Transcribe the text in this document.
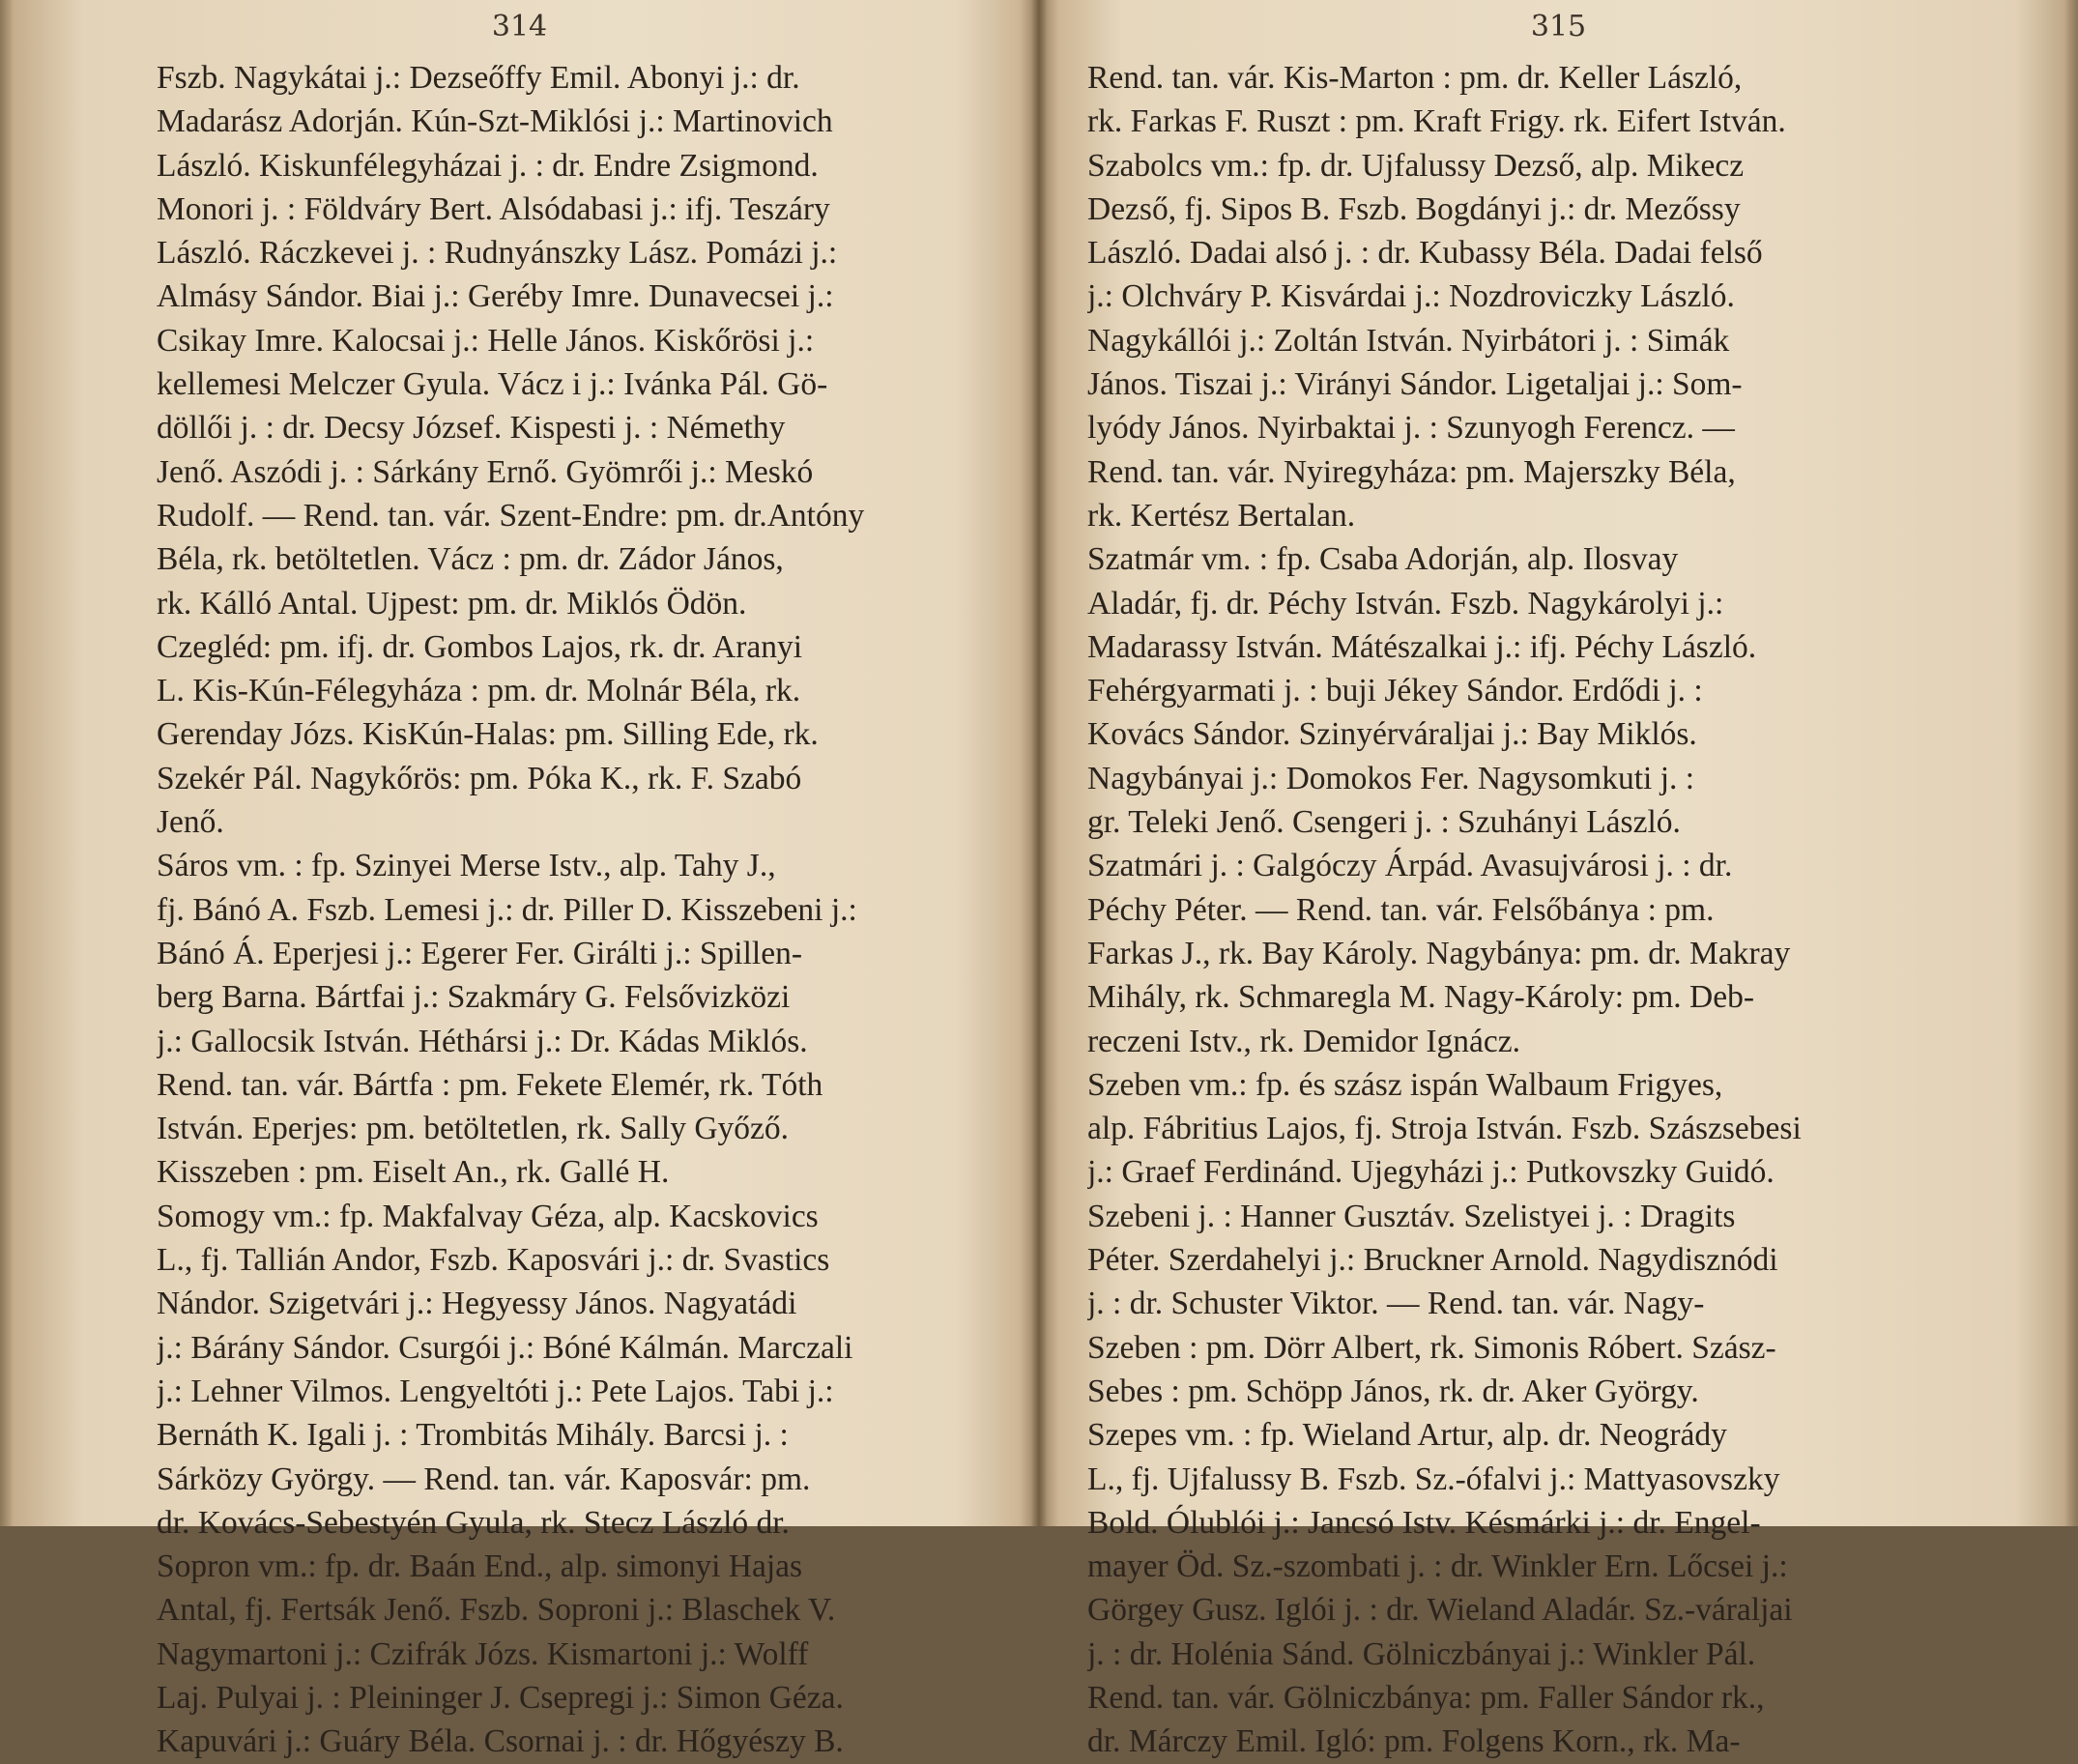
314
Fszb. Nagykátai j.: Dezseőffy Emil. Abonyi j.: dr.
Madarász Adorján. Kún-Szt-Miklósi j.: Martinovich
László. Kiskunfélegyházai j. : dr. Endre Zsigmond.
Monori j. : Földváry Bert. Alsódabasi j.: ifj. Teszáry
László. Ráczkevei j. : Rudnyánszky Lász. Pomázi j.:
Almásy Sándor. Biai j.: Geréby Imre. Dunavecsei j.:
Csikay Imre. Kalocsai j.: Helle János. Kiskőrösi j.:
kellemesi Melczer Gyula. Vácz i j.: Ivánka Pál. Gö-
döllői j. : dr. Decsy József. Kispesti j. : Némethy
Jenő. Aszódi j. : Sárkány Ernő. Gyömrői j.: Meskó
Rudolf. — Rend. tan. vár. Szent-Endre: pm. dr.Antóny
Béla, rk. betöltetlen. Vácz : pm. dr. Zádor János,
rk. Kálló Antal. Ujpest: pm. dr. Miklós Ödön.
Czegléd: pm. ifj. dr. Gombos Lajos, rk. dr. Aranyi
L. Kis-Kún-Félegyháza : pm. dr. Molnár Béla, rk.
Gerenday Józs. KisKún-Halas: pm. Silling Ede, rk.
Szekér Pál. Nagykőrös: pm. Póka K., rk. F. Szabó
Jenő.
Sáros vm. : fp. Szinyei Merse Istv., alp. Tahy J.,
fj. Bánó A. Fszb. Lemesi j.: dr. Piller D. Kisszebeni j.:
Bánó Á. Eperjesi j.: Egerer Fer. Girálti j.: Spillen-
berg Barna. Bártfai j.: Szakmáry G. Felsővizközi
j.: Gallocsik István. Héthársi j.: Dr. Kádas Miklós.
Rend. tan. vár. Bártfa : pm. Fekete Elemér, rk. Tóth
István. Eperjes: pm. betöltetlen, rk. Sally Győző.
Kisszeben : pm. Eiselt An., rk. Gallé H.
Somogy vm.: fp. Makfalvay Géza, alp. Kacskovics
L., fj. Tallián Andor, Fszb. Kaposvári j.: dr. Svastics
Nándor. Szigetvári j.: Hegyessy János. Nagyatádi
j.: Bárány Sándor. Csurgói j.: Bóné Kálmán. Marczali
j.: Lehner Vilmos. Lengyeltóti j.: Pete Lajos. Tabi j.:
Bernáth K. Igali j. : Trombitás Mihály. Barcsi j. :
Sárközy György. — Rend. tan. vár. Kaposvár: pm.
dr. Kovács-Sebestyén Gyula, rk. Stecz László dr.
Sopron vm.: fp. dr. Baán End., alp. simonyi Hajas
Antal, fj. Fertsák Jenő. Fszb. Soproni j.: Blaschek V.
Nagymartoni j.: Czifrák Józs. Kismartoni j.: Wolff
Laj. Pulyai j. : Pleininger J. Csepregi j.: Simon Géza.
Kapuvári j.: Guáry Béla. Csornai j. : dr. Hőgyészy B.
315
Rend. tan. vár. Kis-Marton : pm. dr. Keller László,
rk. Farkas F. Ruszt : pm. Kraft Frigy. rk. Eifert István.
Szabolcs vm.: fp. dr. Ujfalussy Dezső, alp. Mikecz
Dezső, fj. Sipos B. Fszb. Bogdányi j.: dr. Mezőssy
László. Dadai alsó j. : dr. Kubassy Béla. Dadai felső
j.: Olchváry P. Kisvárdai j.: Nozdroviczky László.
Nagykállói j.: Zoltán István. Nyirbátori j. : Simák
János. Tiszai j.: Virányi Sándor. Ligetaljai j.: Som-
lyódy János. Nyirbaktai j. : Szunyogh Ferencz. —
Rend. tan. vár. Nyiregyháza: pm. Majerszky Béla,
rk. Kertész Bertalan.
Szatmár vm. : fp. Csaba Adorján, alp. Ilosvay
Aladár, fj. dr. Péchy István. Fszb. Nagykárolyi j.:
Madarassy István. Mátészalkai j.: ifj. Péchy László.
Fehérgyarmati j. : buji Jékey Sándor. Erdődi j. :
Kovács Sándor. Szinyérváraljai j.: Bay Miklós.
Nagybányai j.: Domokos Fer. Nagysomkuti j. :
gr. Teleki Jenő. Csengeri j. : Szuhányi László.
Szatmári j. : Galgóczy Árpád. Avasujvárosi j. : dr.
Péchy Péter. — Rend. tan. vár. Felsőbánya : pm.
Farkas J., rk. Bay Károly. Nagybánya: pm. dr. Makray
Mihály, rk. Schmaregla M. Nagy-Károly: pm. Deb-
reczeni Istv., rk. Demidor Ignácz.
Szeben vm.: fp. és szász ispán Walbaum Frigyes,
alp. Fábritius Lajos, fj. Stroja István. Fszb. Szászsebesi
j.: Graef Ferdinánd. Ujegyházi j.: Putkovszky Guidó.
Szebeni j. : Hanner Gusztáv. Szelistyei j. : Dragits
Péter. Szerdahelyi j.: Bruckner Arnold. Nagydisznódi
j. : dr. Schuster Viktor. — Rend. tan. vár. Nagy-
Szeben : pm. Dörr Albert, rk. Simonis Róbert. Szász-
Sebes : pm. Schöpp János, rk. dr. Aker György.
Szepes vm. : fp. Wieland Artur, alp. dr. Neogrády
L., fj. Ujfalussy B. Fszb. Sz.-ófalvi j.: Mattyasovszky
Bold. Ólublói j.: Jancsó Istv. Késmárki j.: dr. Engel-
mayer Öd. Sz.-szombati j. : dr. Winkler Ern. Lőcsei j.:
Görgey Gusz. Iglói j. : dr. Wieland Aladár. Sz.-váraljai
j. : dr. Holénia Sánd. Gölniczbányai j.: Winkler Pál.
Rend. tan. vár. Gölniczbánya: pm. Faller Sándor rk.,
dr. Márczy Emil. Igló: pm. Folgens Korn., rk. Ma-
